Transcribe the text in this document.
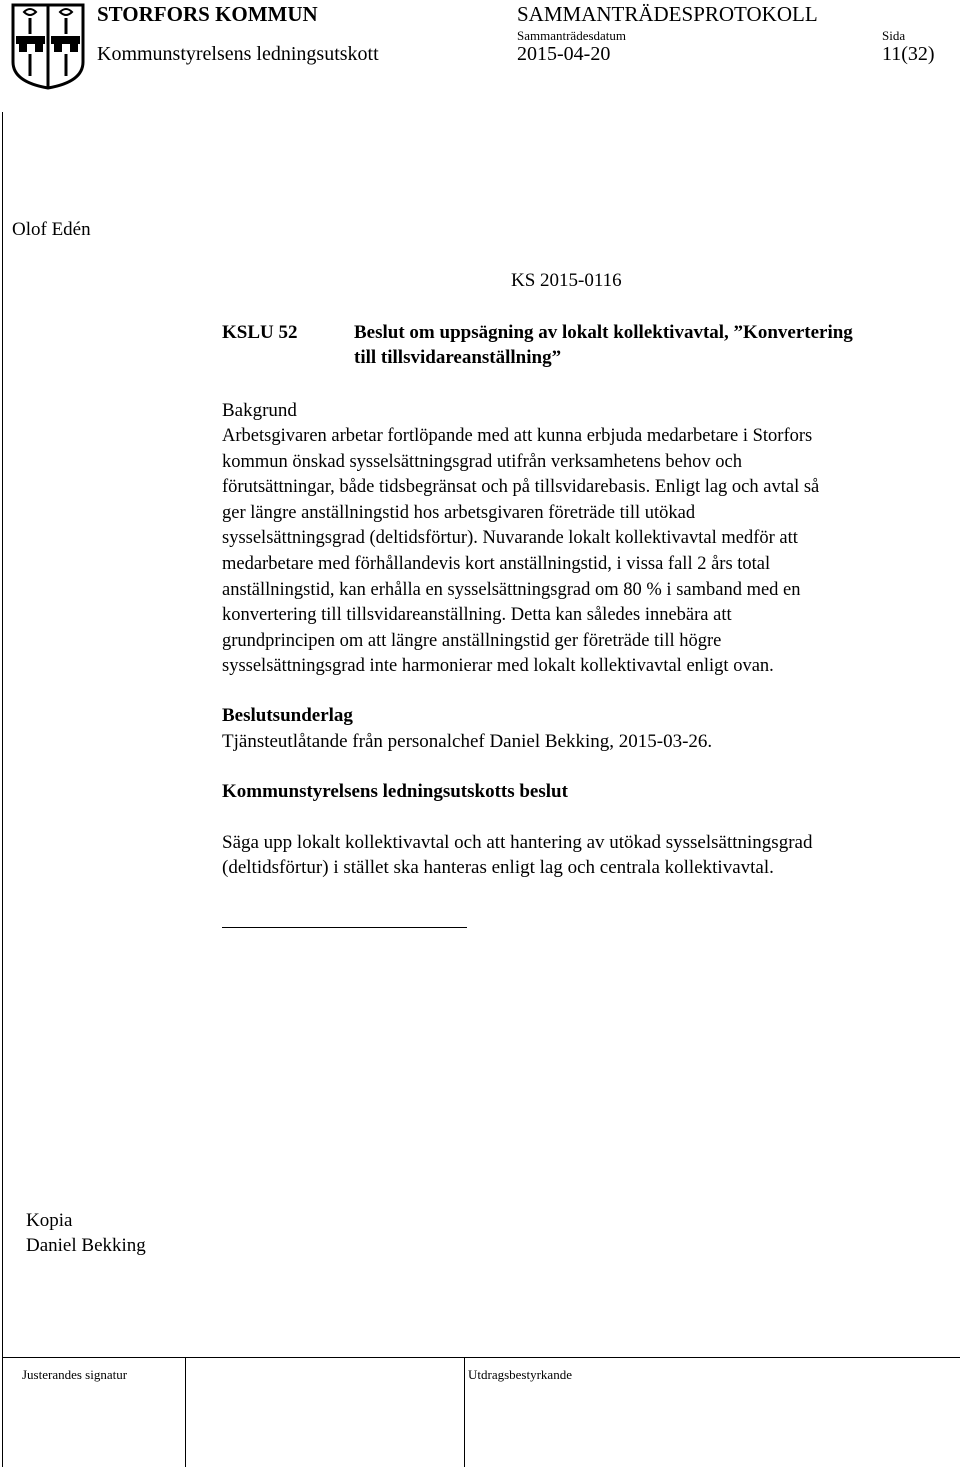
STORFORS KOMMUN	SAMMANTRÄDESPROTOKOLL
Sammanträdesdatum	Sida
Kommunstyrelsens ledningsutskott	2015-04-20	11(32)
Olof Edén
KS 2015-0116
KSLU 52	Beslut om uppsägning av lokalt kollektivavtal, ”Konvertering
till tillsvidareanställning”
Bakgrund
Arbetsgivaren arbetar fortlöpande med att kunna erbjuda medarbetare i Storfors
kommun önskad sysselsättningsgrad utifrån verksamhetens behov och
förutsättningar, både tidsbegränsat och på tillsvidarebasis. Enligt lag och avtal så
ger längre anställningstid hos arbetsgivaren företräde till utökad
sysselsättningsgrad (deltidsförtur). Nuvarande lokalt kollektivavtal medför att
medarbetare med förhållandevis kort anställningstid, i vissa fall 2 års total
anställningstid, kan erhålla en sysselsättningsgrad om 80 % i samband med en
konvertering till tillsvidareanställning. Detta kan således innebära att
grundprincipen om att längre anställningstid ger företräde till högre
sysselsättningsgrad inte harmonierar med lokalt kollektivavtal enligt ovan.
Beslutsunderlag
Tjänsteutlåtande från personalchef Daniel Bekking, 2015-03-26.
Kommunstyrelsens ledningsutskotts beslut
Säga upp lokalt kollektivavtal och att hantering av utökad sysselsättningsgrad
(deltidsförtur) i stället ska hanteras enligt lag och centrala kollektivavtal.
Kopia
Daniel Bekking
Justerandes signatur	Utdragsbestyrkande
